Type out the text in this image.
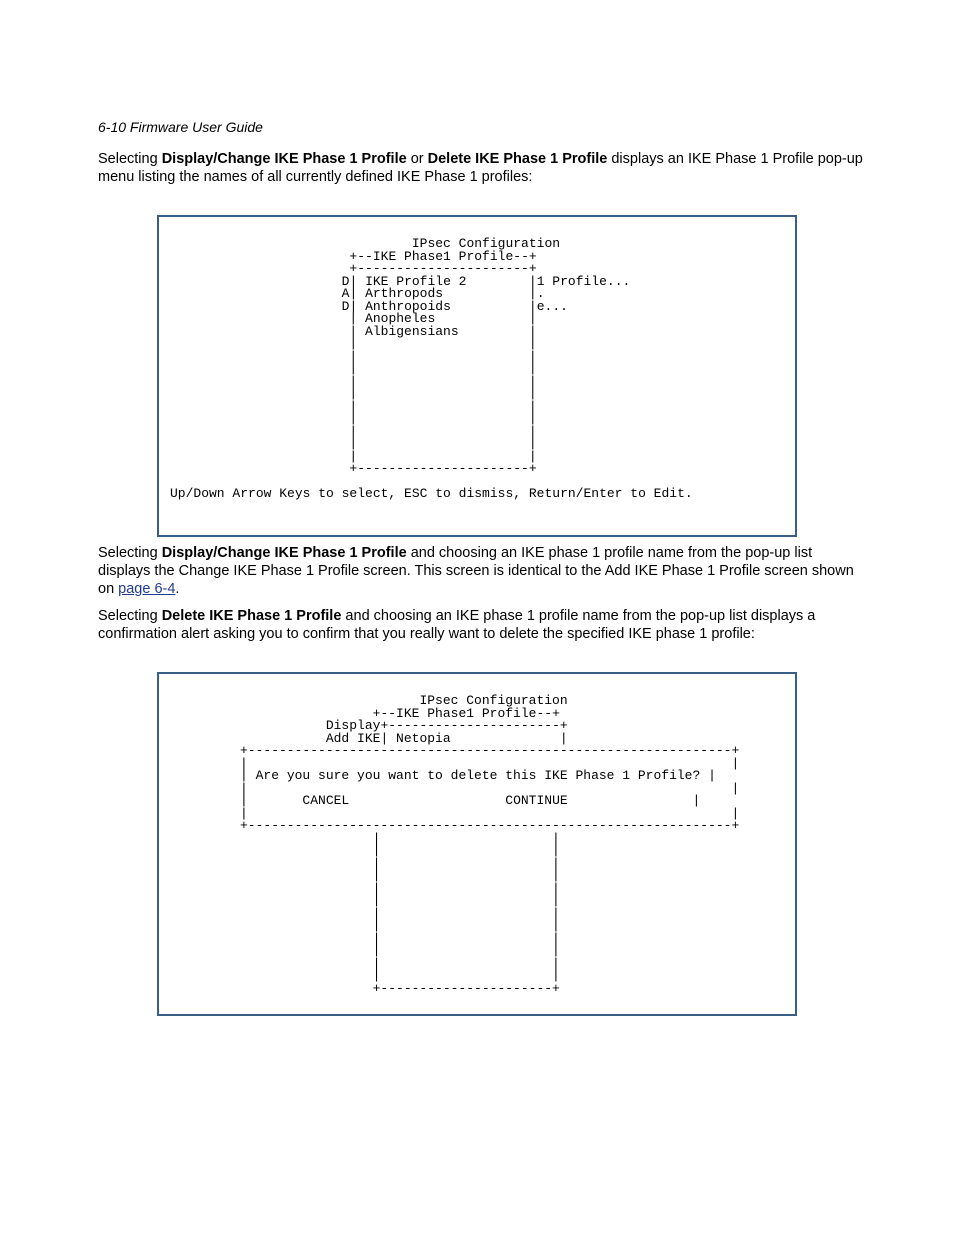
6-10 Firmware User Guide
Selecting Display/Change IKE Phase 1 Profile or Delete IKE Phase 1 Profile displays an IKE Phase 1 Profile pop-up menu listing the names of all currently defined IKE Phase 1 profiles:
IPsec Configuration
+--IKE Phase1 Profile--+
+----------------------+
D| IKE Profile 2        |1 Profile...
A| Arthropods           |.
D| Anthropoids          |e...
| Anopheles	|
| Albigensians	|
|                      |
|                      |
|                      |
|                      |
|                      |
|                      |
|                      |
|                      |
|                      |
|                      |
+----------------------+

Up/Down Arrow Keys to select, ESC to dismiss, Return/Enter to Edit.
Selecting Display/Change IKE Phase 1 Profile and choosing an IKE phase 1 profile name from the pop-up list displays the Change IKE Phase 1 Profile screen. This screen is identical to the Add IKE Phase 1 Profile screen shown on page 6-4.
Selecting Delete IKE Phase 1 Profile and choosing an IKE phase 1 profile name from the pop-up list displays a confirmation alert asking you to confirm that you really want to delete the specified IKE phase 1 profile:
IPsec Configuration
+--IKE Phase1 Profile--+
Display+----------------------+
Add IKE| Netopia	|
+--------------------------------------------------------------+
|                                                              |
| Are you sure you want to delete this IKE Phase 1 Profile? |
|                                                              |
|	CANCEL	CONTINUE	|
|                                                              |
+--------------------------------------------------------------+
|                      |
|                      |
|                      |
|                      |
|                      |
|                      |
|                      |
|                      |
|                      |
|                      |
|                      |
|                      |
+----------------------+
